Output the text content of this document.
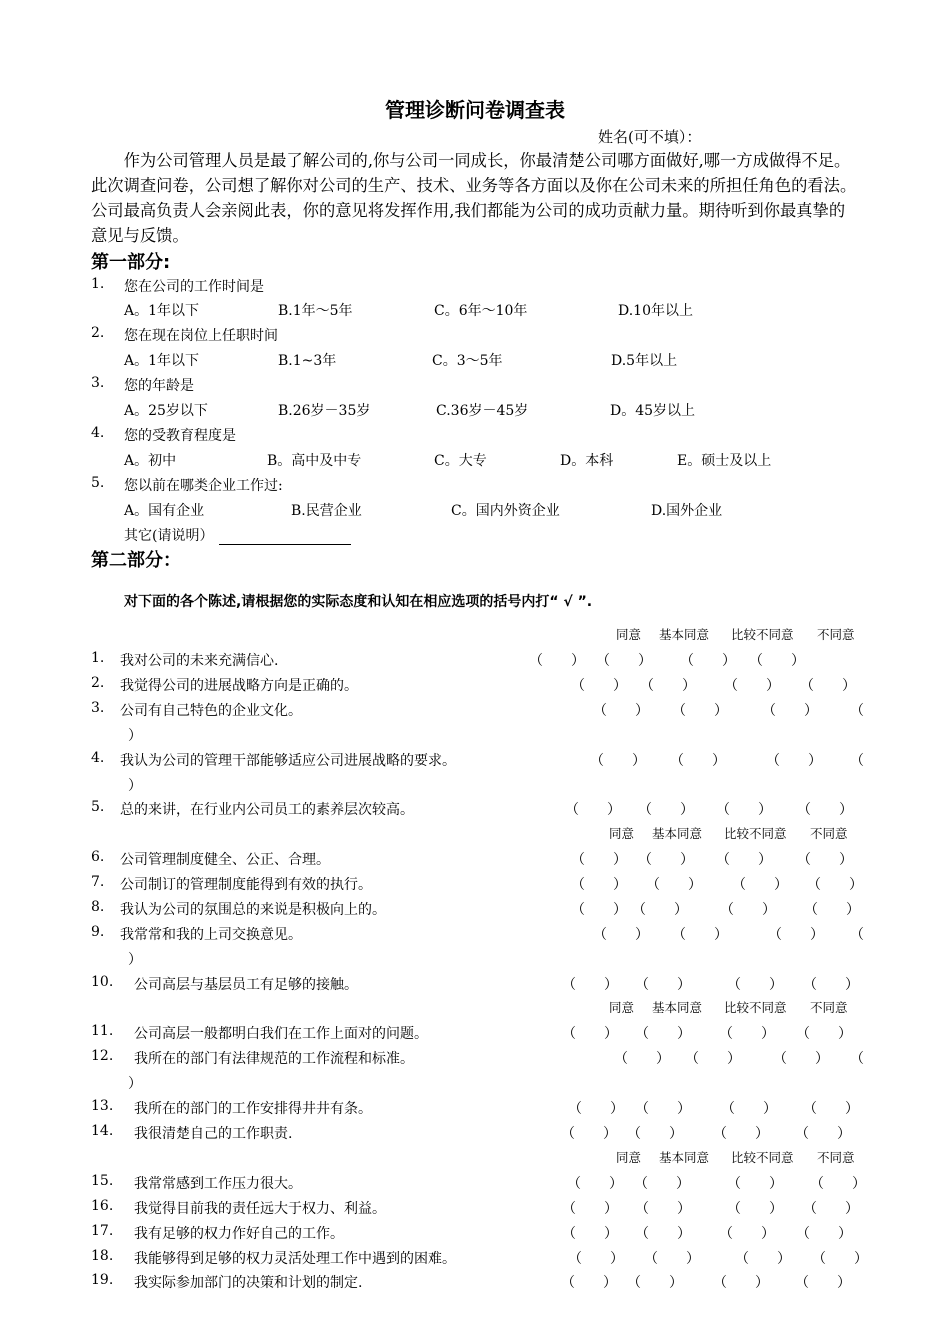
管理诊断问卷调查表
姓名(可不填）：
作为公司管理人员是最了解公司的,你与公司一同成长，你最清楚公司哪方面做好,哪一方成做得不足。此次调查问卷，公司想了解你对公司的生产、技术、业务等各方面以及你在公司未来的所担任角色的看法。公司最高负责人会亲阅此表，你的意见将发挥作用,我们都能为公司的成功贡献力量。期待听到你最真挚的意见与反馈。
第一部分:
1. 您在公司的工作时间是
A。1年以下	B.1年～5年	C。6年～10年	D.10年以上
2. 您在现在岗位上任职时间
A。1年以下	B.1~3年	C。3～5年	D.5年以上
3. 您的年龄是
A。25岁以下	B.26岁－35岁	C.36岁－45岁	D。45岁以上
4. 您的受教育程度是
A。初中	B。高中及中专	C。大专	D。本科	E。硕士及以上
5. 您以前在哪类企业工作过:
A。国有企业	B.民营企业	C。国内外资企业	D.国外企业
其它(请说明）
第二部分：
对下面的各个陈述,请根据您的实际态度和认知在相应选项的括号内打“ √ ”.
同意 基本同意 比较不同意 不同意
1. 我对公司的未来充满信心.	（　　） （　　） （　　） （　　）
2. 我觉得公司的进展战略方向是正确的。	（　　） （　　） （　　） （　　）
3. 公司有自己特色的企业文化。	（　　） （　　） （　　） （
）
4. 我认为公司的管理干部能够适应公司进展战略的要求。	（　　） （　　）	（　　） （
）
5. 总的来讲，在行业内公司员工的素养层次较高。	（　　） （　　） （　　） （　　）
同意 基本同意 比较不同意 不同意
6. 公司管理制度健全、公正、合理。	（　　） （　　） （　　） （　　）
7. 公司制订的管理制度能得到有效的执行。	（　　） （　　） （　　） （　　）
8. 我认为公司的氛围总的来说是积极向上的。	（　　） （　　） （　　） （　　）
9. 我常常和我的上司交换意见。	（　　） （　　）	（　　） （
）
10. 公司高层与基层员工有足够的接触。	（　　） （　　）	（　　） （　　）
同意 基本同意 比较不同意 不同意
11. 公司高层一般都明白我们在工作上面对的问题。	（　　） （　　） （　　） （　　）
12. 我所在的部门有法律规范的工作流程和标准。	（　　） （　　） （　　） （
）
13. 我所在的部门的工作安排得井井有条。	（　　） （　　） （　　） （　　）
14. 我很清楚自己的工作职责.	（　　） （　　） （　　） （　　）
同意 基本同意 比较不同意 不同意
15. 我常常感到工作压力很大。	（　　） （　　）	（　　） （　　）
16. 我觉得目前我的责任远大于权力、利益。	（　　） （　　）	（　　） （　　）
17. 我有足够的权力作好自己的工作。	（　　） （　　） （　　） （　　）
18. 我能够得到足够的权力灵活处理工作中遇到的困难。	（　　） （　　）	（　　） （　　）
19. 我实际参加部门的决策和计划的制定.	（　　） （　　） （　　） （　　）
